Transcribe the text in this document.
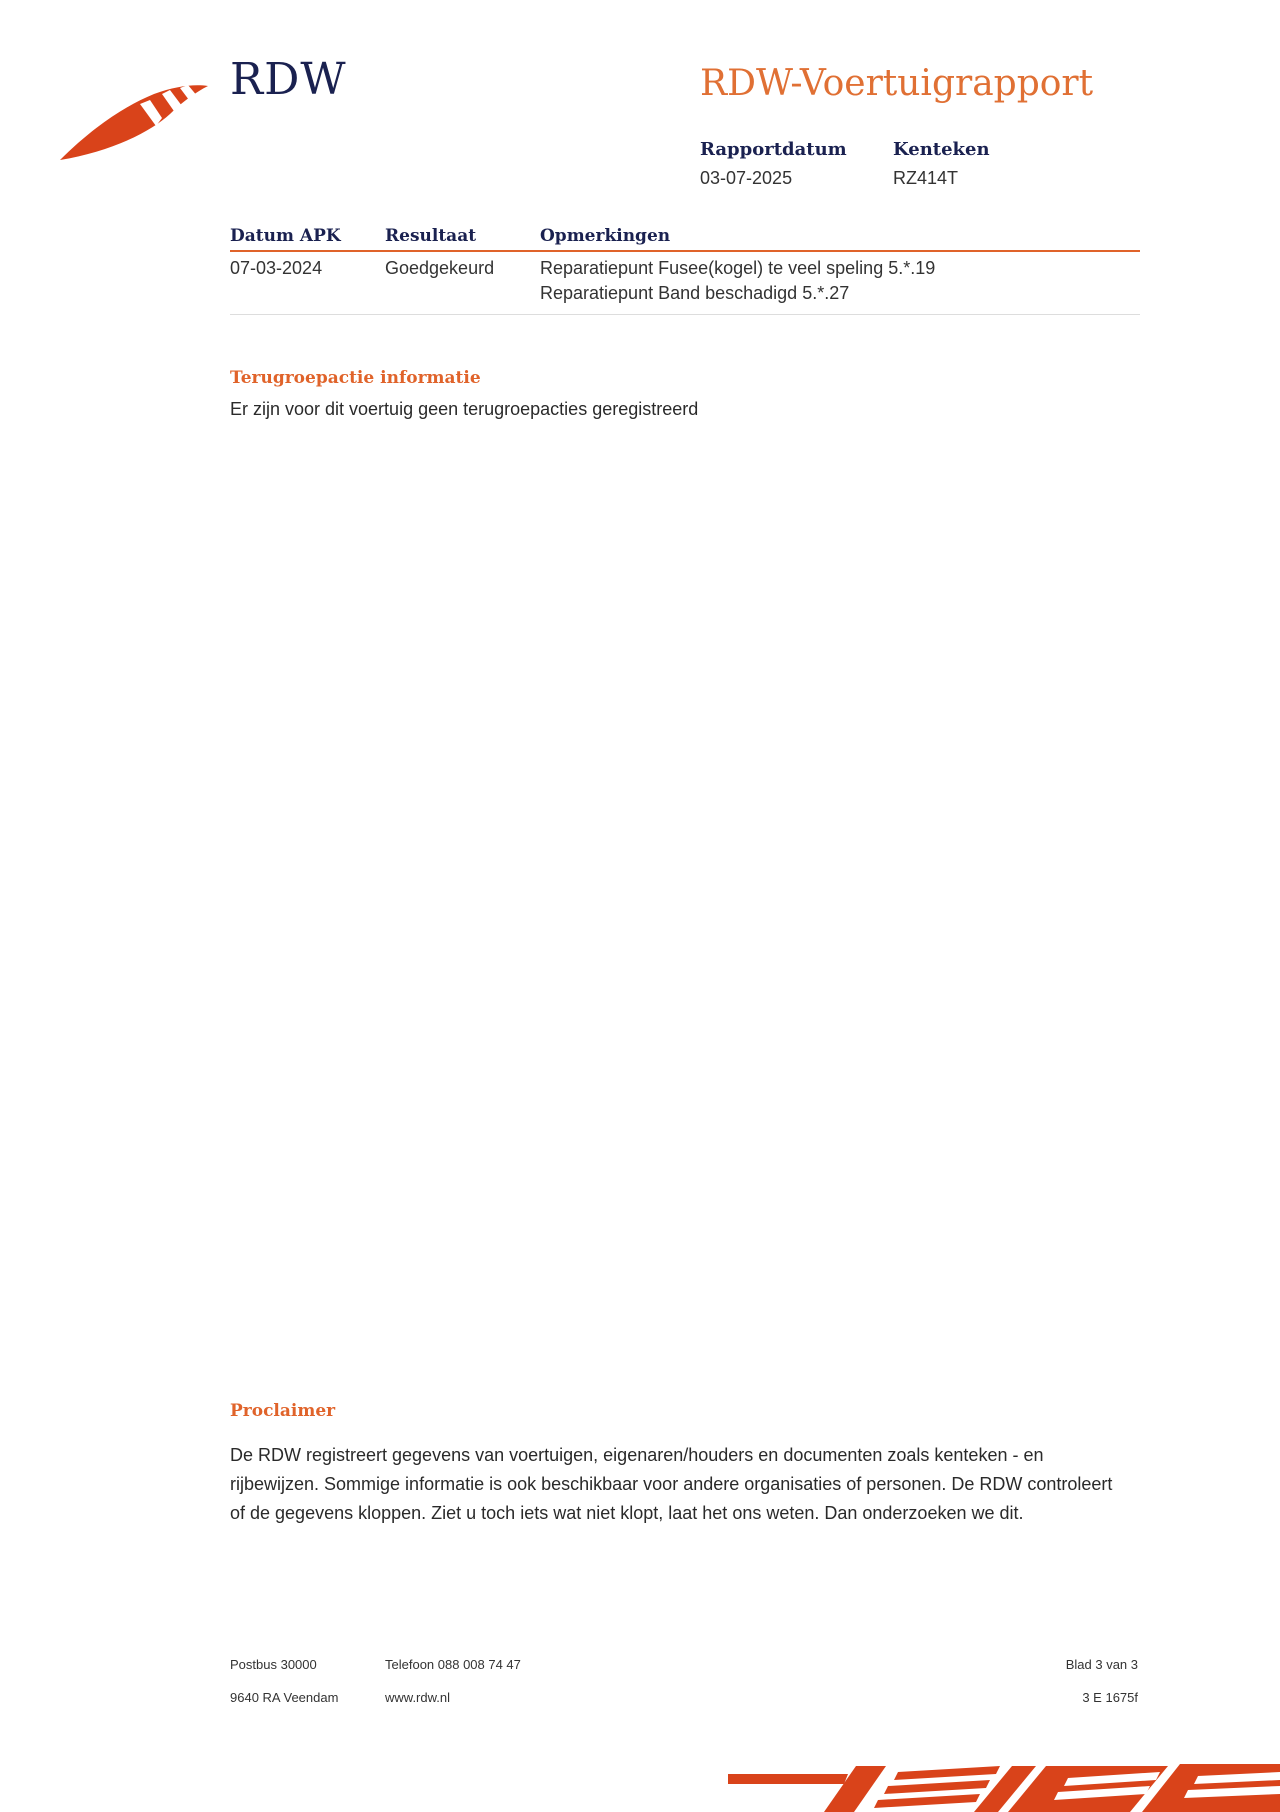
RDW	RDW-Voertuigrapport
Rapportdatum
03-07-2025
Kenteken
RZ414T
Datum APK	Resultaat	Opmerkingen
07-03-2024	Goedgekeurd	Reparatiepunt Fusee(kogel) te veel speling 5.*.19
Reparatiepunt Band beschadigd 5.*.27
Terugroepactie informatie
Er zijn voor dit voertuig geen terugroepacties geregistreerd
Proclaimer
De RDW registreert gegevens van voertuigen, eigenaren/houders en documenten zoals kenteken - en rijbewijzen. Sommige informatie is ook beschikbaar voor andere organisaties of personen. De RDW controleert of de gegevens kloppen. Ziet u toch iets wat niet klopt, laat het ons weten. Dan onderzoeken we dit.
Postbus 30000
9640 RA Veendam
Telefoon 088 008 74 47
www.rdw.nl
Blad 3 van 3
3 E 1675f
